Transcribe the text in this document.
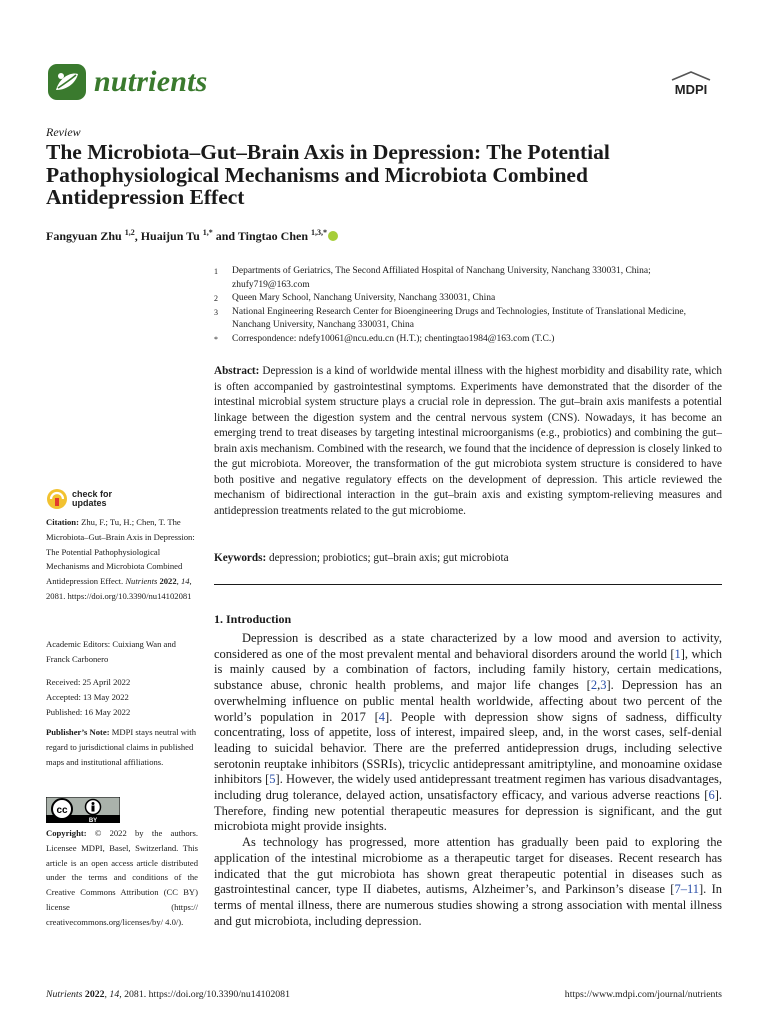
nutrients	MDPI
Review
The Microbiota–Gut–Brain Axis in Depression: The Potential Pathophysiological Mechanisms and Microbiota Combined Antidepression Effect
Fangyuan Zhu $^{1,2}$, Huaijun Tu $^{1,*}$ and Tingtao Chen $^{1,3,*}$
1	Departments of Geriatrics, The Second Affiliated Hospital of Nanchang University, Nanchang 330031, China; zhufy719@163.com
2	Queen Mary School, Nanchang University, Nanchang 330031, China
3	National Engineering Research Center for Bioengineering Drugs and Technologies, Institute of Translational Medicine, Nanchang University, Nanchang 330031, China
*	Correspondence: ndefy10061@ncu.edu.cn (H.T.); chentingtao1984@163.com (T.C.)
Abstract: Depression is a kind of worldwide mental illness with the highest morbidity and disability rate, which is often accompanied by gastrointestinal symptoms. Experiments have demonstrated that the disorder of the intestinal microbial system structure plays a crucial role in depression. The gut–brain axis manifests a potential linkage between the digestion system and the central nervous system (CNS). Nowadays, it has become an emerging trend to treat diseases by targeting intestinal microorganisms (e.g., probiotics) and combining the gut–brain axis mechanism. Combined with the research, we found that the incidence of depression is closely linked to the gut microbiota. Moreover, the transformation of the gut microbiota system structure is considered to have both positive and negative regulatory effects on the development of depression. This article reviewed the mechanism of bidirectional interaction in the gut–brain axis and existing symptom-relieving measures and antidepression treatments related to the gut microbiome.
Keywords: depression; probiotics; gut–brain axis; gut microbiota
1. Introduction

Depression is described as a state characterized by a low mood and aversion to activity, considered as one of the most prevalent mental and behavioral disorders around the world [1], which is mainly caused by a combination of factors, including family history, certain medications, substance abuse, chronic health problems, and major life changes [2,3]. Depression has an overwhelming influence on public mental health worldwide, affecting about two percent of the world’s population in 2017 [4]. People with depression show signs of sadness, difficulty concentrating, loss of appetite, loss of interest, impaired sleep, and, in the worst cases, self-denial leading to suicidal behavior. There are the preferred antidepression drugs, including selective serotonin reuptake inhibitors (SSRIs), tricyclic antidepressant amitriptyline, and monoamine oxidase inhibitors [5]. However, the widely used antidepressant treatment regimen has various disadvantages, including drug tolerance, delayed action, unsatisfactory efficacy, and various adverse reactions [6]. Therefore, finding new potential therapeutic measures for depression is significant, and the gut microbiota might provide insights.

As technology has progressed, more attention has gradually been paid to exploring the application of the intestinal microbiome as a therapeutic target for diseases. Recent research has indicated that the gut microbiota has shown great therapeutic potential in diseases such as gastrointestinal cancer, type II diabetes, autisms, Alzheimer’s, and Parkinson’s disease [7–11]. In terms of mental illness, there are numerous studies showing a strong association with mental illness and gut microbiota, including depression.

check for
updates
Citation: Zhu, F.; Tu, H.; Chen, T. The Microbiota–Gut–Brain Axis in Depression: The Potential Pathophysiological Mechanisms and Microbiota Combined Antidepression Effect. Nutrients 2022, 14, 2081. https://doi.org/10.3390/nu14102081
Academic Editors: Cuixiang Wan and Franck Carbonero
Received: 25 April 2022
Accepted: 13 May 2022
Published: 16 May 2022
Publisher’s Note: MDPI stays neutral with regard to jurisdictional claims in published maps and institutional affiliations.
cc
BY
Copyright: © 2022 by the authors. Licensee MDPI, Basel, Switzerland. This article is an open access article distributed under the terms and conditions of the Creative Commons Attribution (CC BY) license (https:// creativecommons.org/licenses/by/ 4.0/).
Nutrients 2022, 14, 2081. https://doi.org/10.3390/nu14102081	https://www.mdpi.com/journal/nutrients
